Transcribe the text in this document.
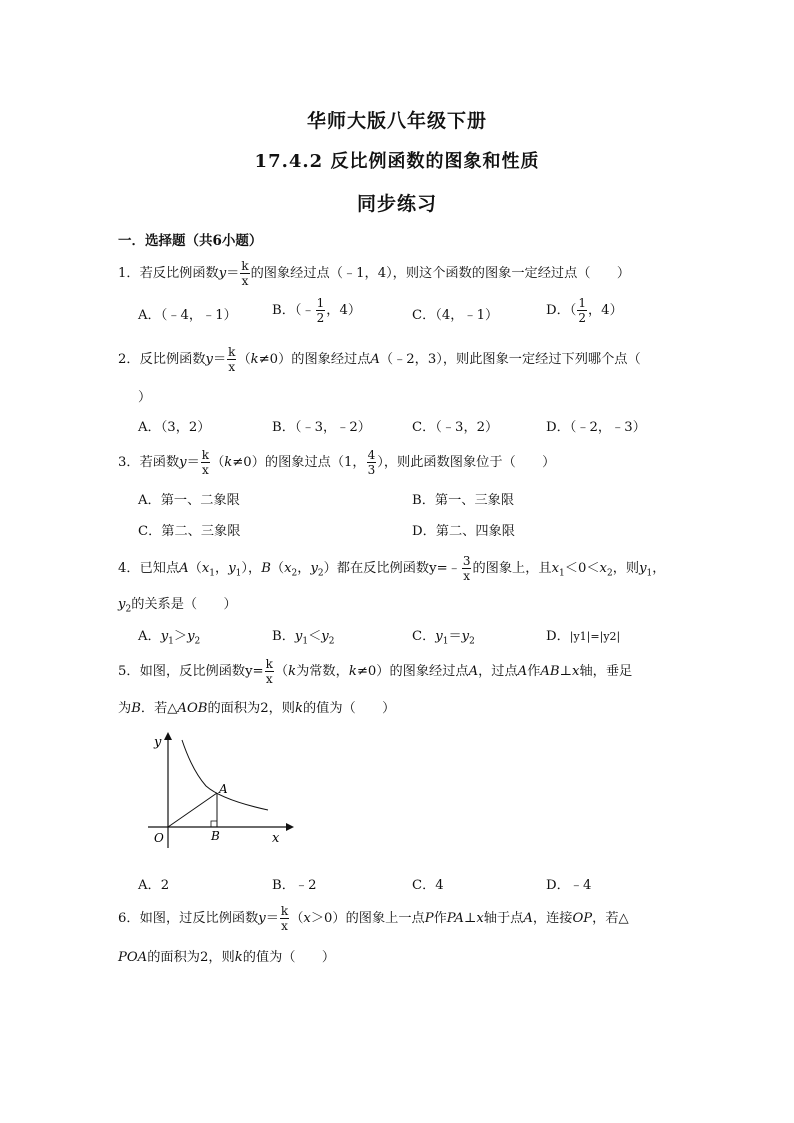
华师大版八年级下册
17.4.2 反比例函数的图象和性质
同步练习
一．选择题（共6小题）
1．若反比例函数$y= \frac{k}{x}$ 的图象经过点（﹣1，4），则这个函数的图象一定经过点（　　）
A．（﹣4，﹣1）	B．（﹣ $\frac{1}{2}$ ，4）	C．（4，﹣1）	D．（ $\frac{1}{2}$ ，4）
2．反比例函数$y= \frac{k}{x} (k\ne 0)$的图象经过点A（﹣2，3），则此图象一定经过下列哪个点（
）
A．（3，2）	B．（﹣3，﹣2）	C．（﹣3，2）	D．（﹣2，﹣3）
3．若函数$y= \frac{k}{x} (k\ne 0)$的图象过点（1， $\frac{4}{3}$ ），则此函数图象位于（　　）
A．第一、二象限	B．第一、三象限
C．第二、三象限	D．第二、四象限
4．已知点$A(x_1$，$y_1$），$B(x_2$，$y_2$）都在反比例函数y=﹣ $\frac{3}{x}$ 的图象上，且$x_1<0<x_2$，则$y_1$，
$y_2$的关系是（　　）
A．$y_1>y_2$	B．$y_1<y_2$	C．$y_1=y_2$	D．|y1|=|y2|
5．如图，反比例函数$y= \frac{k}{x} (k$为常数，k≠0）的图象经过点A，过点A作AB⊥x轴，垂足
为B．若△AOB的面积为2，则k的值为（　　）
y
x
O
A
B
A．2	B．﹣2	C．4	D．﹣4
6．如图，过反比例函数$y= \frac{k}{x} (x>0)$的图象上一点P作PA⊥x轴于点A，连接OP，若△
POA的面积为2，则k的值为（　　）
